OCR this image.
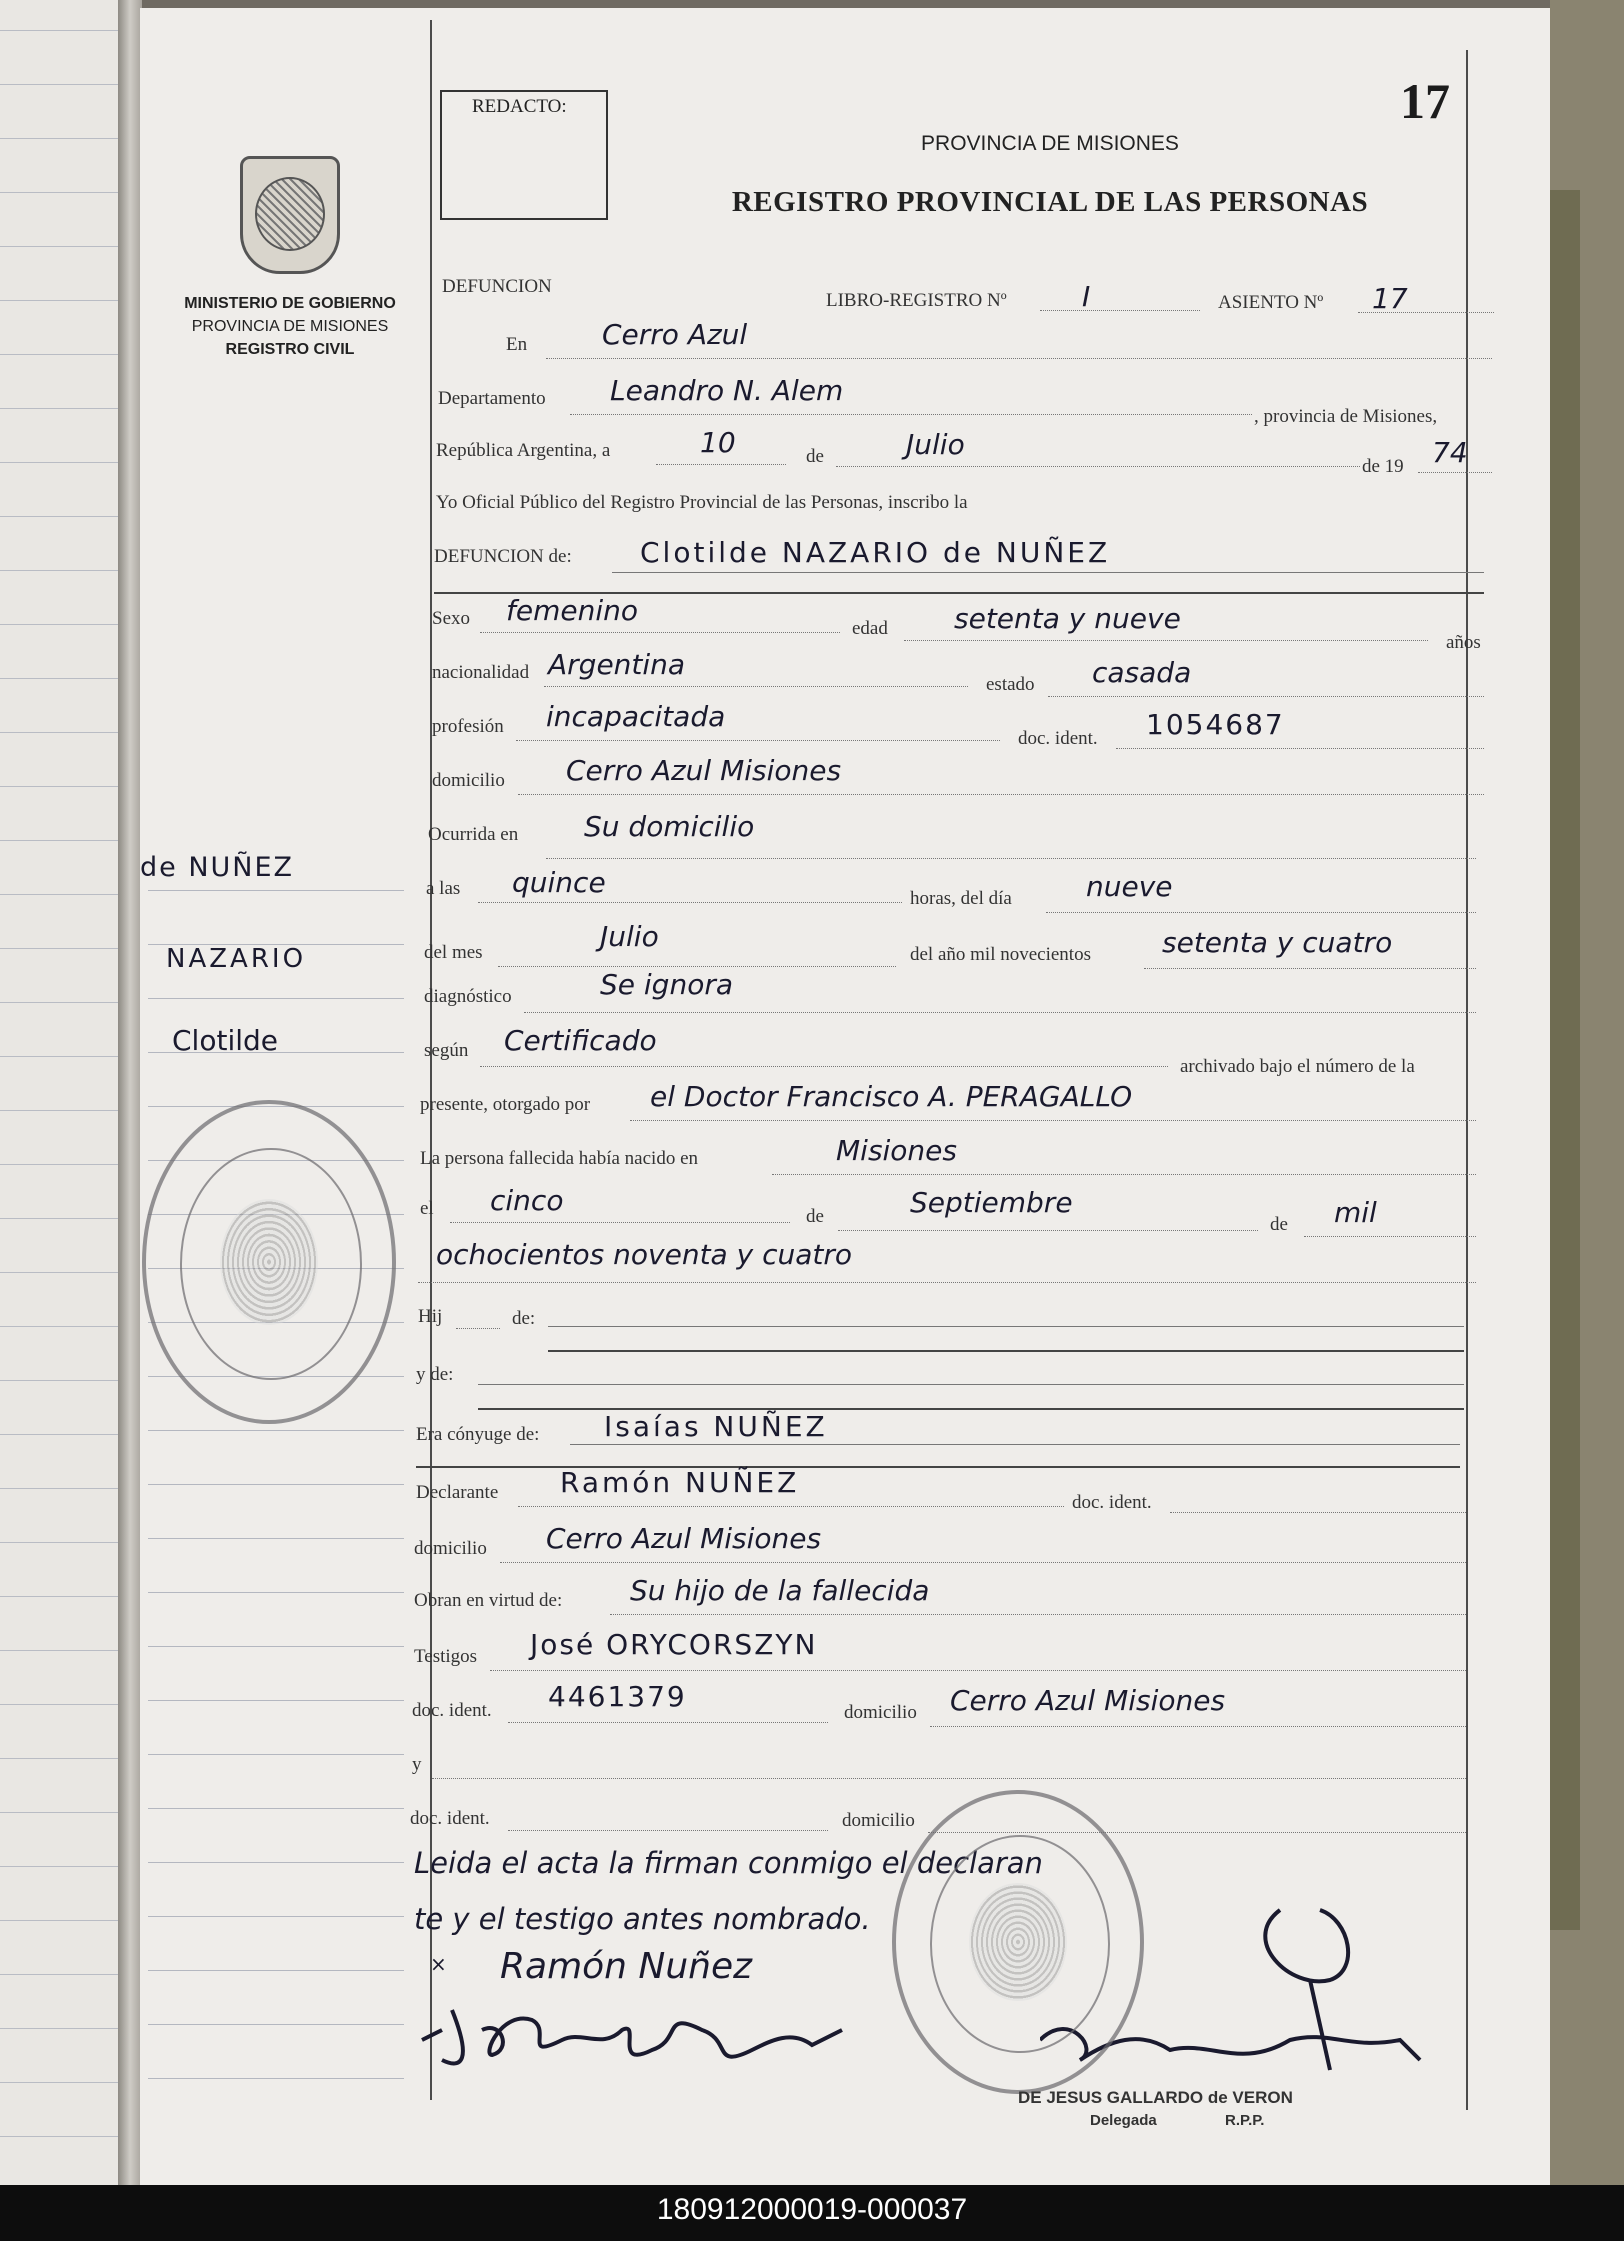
REDACTO:	17
PROVINCIA DE MISIONES
REGISTRO PROVINCIAL DE LAS PERSONAS
MINISTERIO DE GOBIERNO
PROVINCIA DE MISIONES
REGISTRO CIVIL
de NUÑEZ
NAZARIO
Clotilde
DEFUNCION
LIBRO-REGISTRO Nº	I	ASIENTO Nº 17
En	Cerro Azul
Departamento Leandro N. Alem
, provincia de Misiones,
República Argentina, a	10	de	Julio
de 19 74
Yo Oficial Público del Registro Provincial de las Personas, inscribo la
DEFUNCION de: Clotilde NAZARIO de NUÑEZ
Sexo femenino
edad setenta y nueve
años
nacionalidad Argentina
estado casada
profesión incapacitada
doc. ident. 1054687
domicilio Cerro Azul Misiones
Ocurrida en Su domicilio
a las quince	horas, del día	nueve
del mes	Julio
del año mil novecientos	setenta y cuatro
diagnóstico	Se ignora
según Certificado
archivado bajo el número de la
presente, otorgado por el Doctor Francisco A. PERAGALLO
La persona fallecida había nacido en	Misiones
el cinco	de	Septiembre
de mil
ochocientos noventa y cuatro
Hij	de:
y de:
Era cónyuge de: Isaías NUÑEZ
Declarante Ramón NUÑEZ
doc. ident.
domicilio Cerro Azul Misiones
Obran en virtud de: Su hijo de la fallecida
Testigos José ORYCORSZYN
doc. ident. 4461379	domicilio Cerro Azul Misiones
y
doc. ident.	domicilio
Leida el acta la firman conmigo el declaran
te y el testigo antes nombrado.
× Ramón Nuñez
DE JESUS GALLARDO de VERON
Delegada	R.P.P.
180912000019-000037
